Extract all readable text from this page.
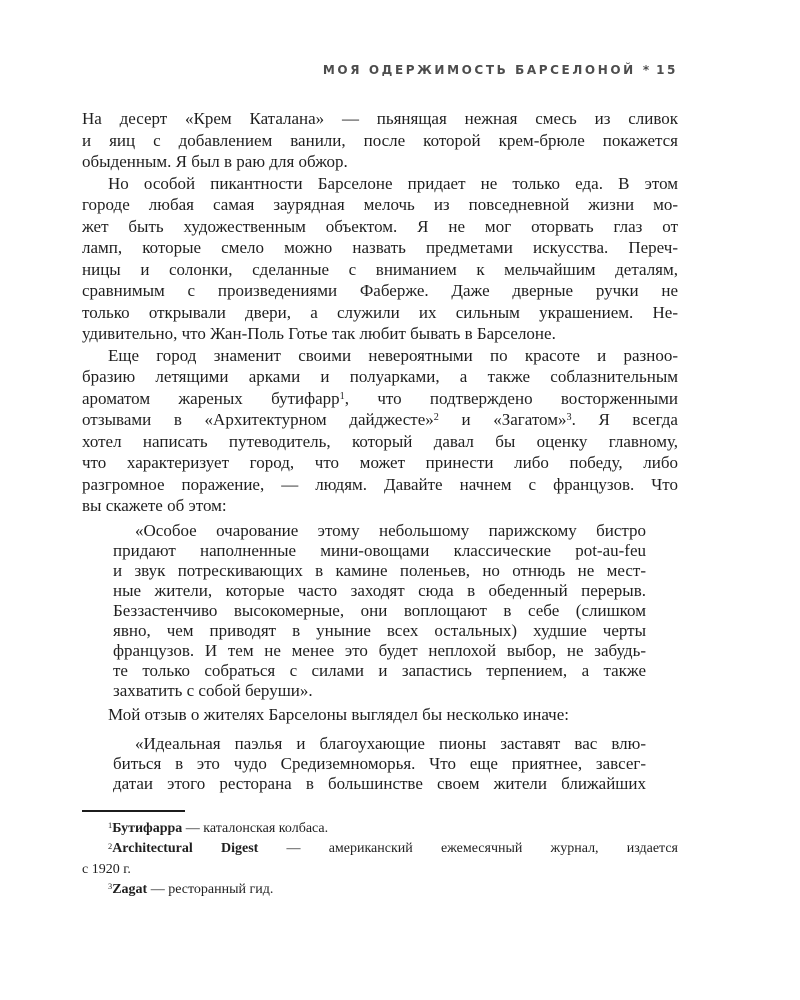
МОЯ ОДЕРЖИМОСТЬ БАРСЕЛОНОЙ * 15
На десерт «Крем Каталана» — пьянящая нежная смесь из сливок
и яиц с добавлением ванили, после которой крем-брюле покажется
обыденным. Я был в раю для обжор.
Но особой пикантности Барселоне придает не только еда. В этом
городе любая самая заурядная мелочь из повседневной жизни мо-
жет быть художественным объектом. Я не мог оторвать глаз от
ламп, которые смело можно назвать предметами искусства. Переч-
ницы и солонки, сделанные с вниманием к мельчайшим деталям,
сравнимым с произведениями Фаберже. Даже дверные ручки не
только открывали двери, а служили их сильным украшением. Не-
удивительно, что Жан-Поль Готье так любит бывать в Барселоне.
Еще город знаменит своими невероятными по красоте и разноо-
бразию летящими арками и полуарками, а также соблазнительным
ароматом жареных бутифарр$^1$, что подтверждено восторженными
отзывами в «Архитектурном дайджесте»$^2$ и «Загатом»$^3$. Я всегда
хотел написать путеводитель, который давал бы оценку главному,
что характеризует город, что может принести либо победу, либо
разгромное поражение, — людям. Давайте начнем с французов. Что
вы скажете об этом:
«Особое очарование этому небольшому парижскому бистро
придают наполненные мини-овощами классические pot-au-feu
и звук потрескивающих в камине поленьев, но отнюдь не мест-
ные жители, которые часто заходят сюда в обеденный перерыв.
Беззастенчиво высокомерные, они воплощают в себе (слишком
явно, чем приводят в уныние всех остальных) худшие черты
французов. И тем не менее это будет неплохой выбор, не забудь-
те только собраться с силами и запастись терпением, а также
захватить с собой беруши».
Мой отзыв о жителях Барселоны выглядел бы несколько иначе:
«Идеальная паэлья и благоухающие пионы заставят вас влю-
биться в это чудо Средиземноморья. Что еще приятнее, завсег-
датаи этого ресторана в большинстве своем жители ближайших
$^1$Бутифарра — каталонская колбаса.
$^2$Architectural Digest — американский ежемесячный журнал, издается
с 1920 г.
$^3$Zagat — ресторанный гид.
